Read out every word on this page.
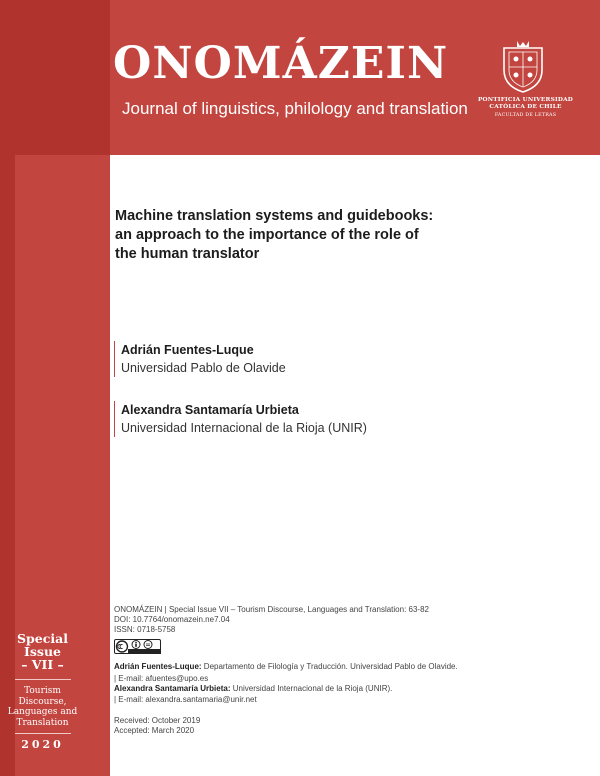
ONOMÁZEIN
Journal of linguistics, philology and translation	PONTIFICIA UNIVERSIDAD
CATÓLICA DE CHILE
FACULTAD DE LETRAS
Machine translation systems and guidebooks:
an approach to the importance of the role of
the human translator
Adrián Fuentes-Luque
Universidad Pablo de Olavide
Alexandra Santamaría Urbieta
Universidad Internacional de la Rioja (UNIR)
ONOMÁZEIN | Special Issue VII – Tourism Discourse, Languages and Translation: 63-82
DOI: 10.7764/onomazein.ne7.04
ISSN: 0718-5758
Adrián Fuentes-Luque: Departamento de Filología y Traducción. Universidad Pablo de Olavide.
| E-mail: afuentes@upo.es
Alexandra Santamaría Urbieta: Universidad Internacional de la Rioja (UNIR).
| E-mail: alexandra.santamaria@unir.net
Received: October 2019
Accepted: March 2020
Special
Issue
– VII –
Tourism
Discourse,
Languages and
Translation
2020
